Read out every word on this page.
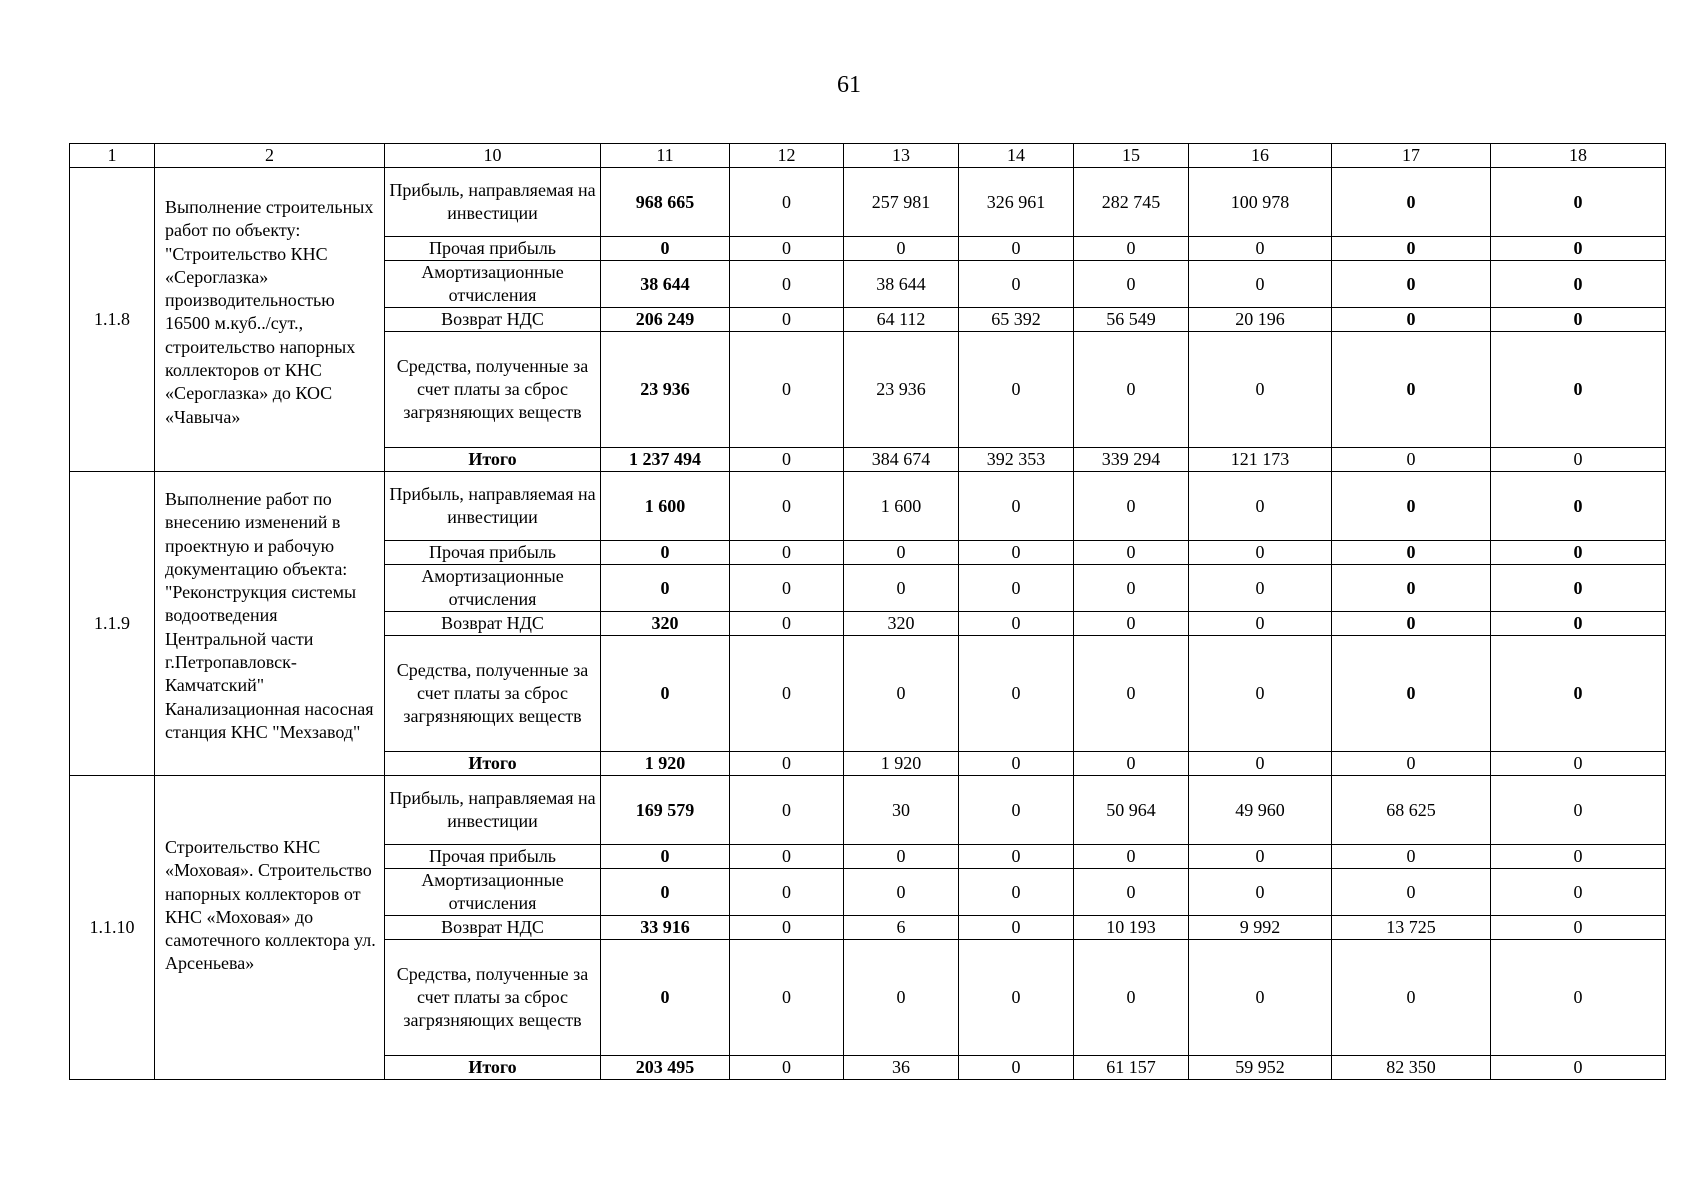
61
1	2	10	11	12	13	14	15	16	17	18
1.1.8	Выполнение строительных работ по объекту: "Строительство КНС «Сероглазка» производительностью 16500 м.куб../сут., строительство напорных коллекторов от КНС «Сероглазка» до КОС «Чавыча»	Прибыль, направляемая на инвестиции	968 665	0	257 981	326 961	282 745	100 978	0	0
		Прочая прибыль	0	0	0	0	0	0	0	0
		Амортизационные отчисления	38 644	0	38 644	0	0	0	0	0
		Возврат НДС	206 249	0	64 112	65 392	56 549	20 196	0	0
		Средства, полученные за счет платы за сброс загрязняющих веществ	23 936	0	23 936	0	0	0	0	0
		Итого	1 237 494	0	384 674	392 353	339 294	121 173	0	0
1.1.9	Выполнение работ по внесению изменений в проектную и рабочую документацию объекта: "Реконструкция системы водоотведения Центральной части г.Петропавловск-Камчатский" Канализационная насосная станция КНС "Мехзавод"	Прибыль, направляемая на инвестиции	1 600	0	1 600	0	0	0	0	0
		Прочая прибыль	0	0	0	0	0	0	0	0
		Амортизационные отчисления	0	0	0	0	0	0	0	0
		Возврат НДС	320	0	320	0	0	0	0	0
		Средства, полученные за счет платы за сброс загрязняющих веществ	0	0	0	0	0	0	0	0
		Итого	1 920	0	1 920	0	0	0	0	0
1.1.10	Строительство КНС «Моховая». Строительство напорных коллекторов от КНС «Моховая» до самотечного коллектора ул. Арсеньева»	Прибыль, направляемая на инвестиции	169 579	0	30	0	50 964	49 960	68 625	0
		Прочая прибыль	0	0	0	0	0	0	0	0
		Амортизационные отчисления	0	0	0	0	0	0	0	0
		Возврат НДС	33 916	0	6	0	10 193	9 992	13 725	0
		Средства, полученные за счет платы за сброс загрязняющих веществ	0	0	0	0	0	0	0	0
		Итого	203 495	0	36	0	61 157	59 952	82 350	0
